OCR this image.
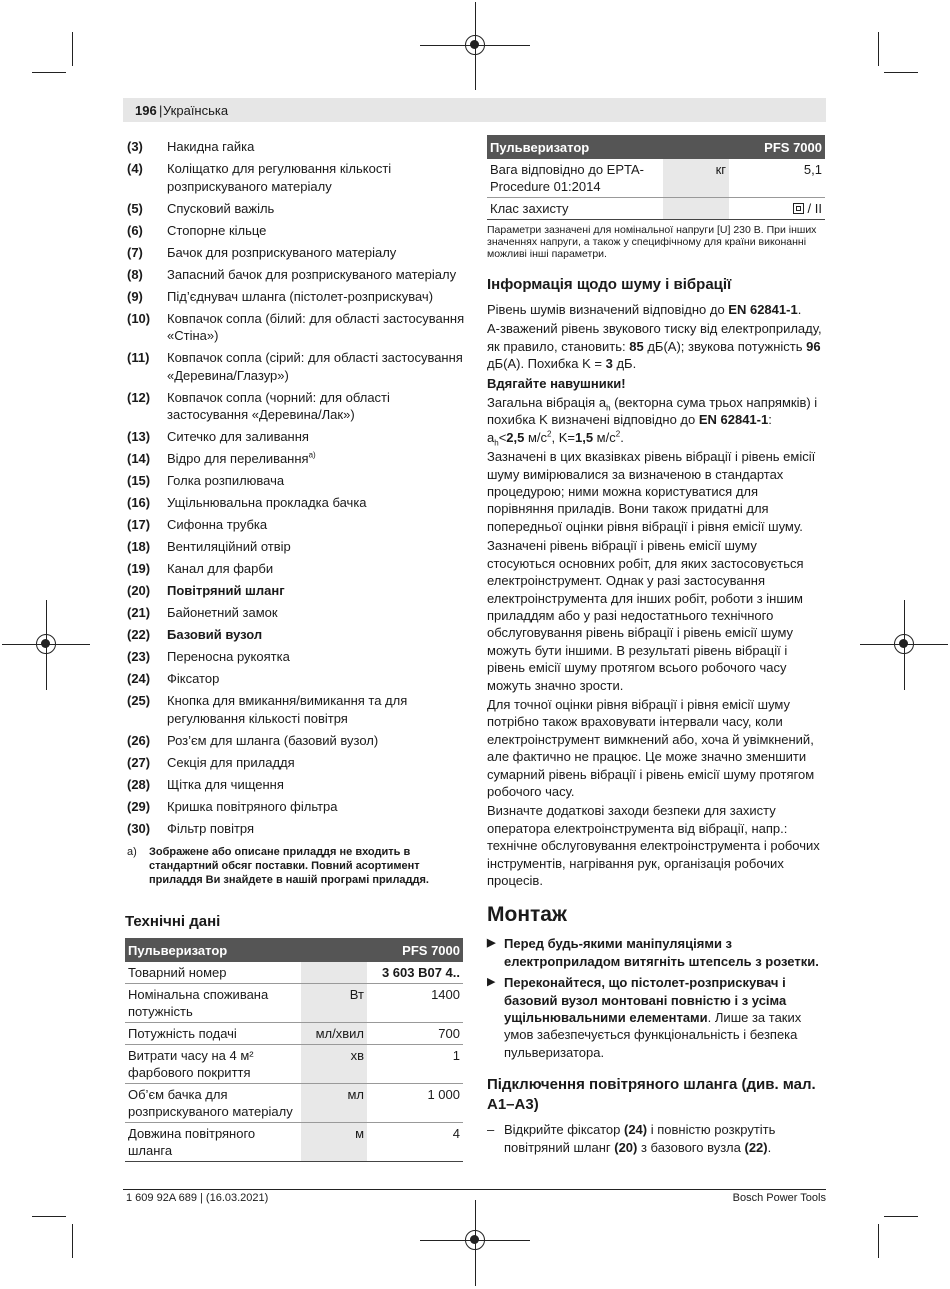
196 | Українська
(3) Накидна гайка
(4) Коліщатко для регулювання кількості розприскуваного матеріалу
(5) Спусковий важіль
(6) Стопорне кільце
(7) Бачок для розприскуваного матеріалу
(8) Запасний бачок для розприскуваного матеріалу
(9) Під’єднувач шланга (пістолет-розприскувач)
(10) Ковпачок сопла (білий: для області застосування «Стіна»)
(11) Ковпачок сопла (сірий: для області застосування «Деревина/Глазур»)
(12) Ковпачок сопла (чорний: для області застосування «Деревина/Лак»)
(13) Ситечко для заливання
(14) Відро для переливання$^{a)}$
(15) Голка розпилювача
(16) Ущільнювальна прокладка бачка
(17) Сифонна трубка
(18) Вентиляційний отвір
(19) Канал для фарби
(20) Повітряний шланг
(21) Байонетний замок
(22) Базовий вузол
(23) Переносна рукоятка
(24) Фіксатор
(25) Кнопка для вмикання/вимикання та для регулювання кількості повітря
(26) Роз’єм для шланга (базовий вузол)
(27) Секція для приладдя
(28) Щітка для чищення
(29) Кришка повітряного фільтра
(30) Фільтр повітря
a) Зображене або описане приладдя не входить в стандартний обсяг поставки. Повний асортимент приладдя Ви знайдете в нашій програмі приладдя.
Технічні дані
Пульверизатор		PFS 7000
Товарний номер		3 603 B07 4..
Номінальна споживана потужність	Вт	1400
Потужність подачі	мл/хвил	700
Витрати часу на 4 м² фарбового покриття	хв	1
Об’єм бачка для розприскуваного матеріалу	мл	1 000
Довжина повітряного шланга	м	4
Пульверизатор		PFS 7000
Вага відповідно до EPTA-Procedure 01:2014	кг	5,1
Клас захисту		/ II
Параметри зазначені для номінальної напруги [U] 230 В. При інших значеннях напруги, а також у специфічному для країни виконанні можливі інші параметри.
Інформація щодо шуму і вібрації

Рівень шумів визначений відповідно до EN 62841-1.

А-зважений рівень звукового тиску від електроприладу, як правило, становить: 85 дБ(A); звукова потужність 96 дБ(A). Похибка K = 3 дБ.

Вдягайте навушники!

Загальна вібрація $a_h$ (векторна сума трьох напрямків) і похибка K визначені відповідно до EN 62841-1:
$a_h<2,5$ $м/с^2$, K=1,5 $м/с^2$.

Зазначені в цих вказівках рівень вібрації і рівень емісії шуму вимірювалися за визначеною в стандартах процедурою; ними можна користуватися для порівняння приладів. Вони також придатні для попередньої оцінки рівня вібрації і рівня емісії шуму.

Зазначені рівень вібрації і рівень емісії шуму стосуються основних робіт, для яких застосовується електроінструмент. Однак у разі застосування електроінструмента для інших робіт, роботи з іншим приладдям або у разі недостатнього технічного обслуговування рівень вібрації і рівень емісії шуму можуть бути іншими. В результаті рівень вібрації і рівень емісії шуму протягом всього робочого часу можуть значно зрости.

Для точної оцінки рівня вібрації і рівня емісії шуму потрібно також враховувати інтервали часу, коли електроінструмент вимкнений або, хоча й увімкнений, але фактично не працює. Це може значно зменшити сумарний рівень вібрації і рівень емісії шуму протягом робочого часу.

Визначте додаткові заходи безпеки для захисту оператора електроінструмента від вібрації, напр.: технічне обслуговування електроінструмента і робочих інструментів, нагрівання рук, організація робочих процесів.

Монтаж
▶ Перед будь-якими маніпуляціями з електроприладом витягніть штепсель з розетки.
▶ Переконайтеся, що пістолет-розприскувач і базовий вузол монтовані повністю і з усіма ущільнювальними елементами. Лише за таких умов забезпечується функціональність і безпека пульверизатора.
Підключення повітряного шланга (див. мал. A1–A3)
– Відкрийте фіксатор (24) і повністю розкрутіть повітряний шланг (20) з базового вузла (22).
1 609 92A 689 | (16.03.2021)	Bosch Power Tools
